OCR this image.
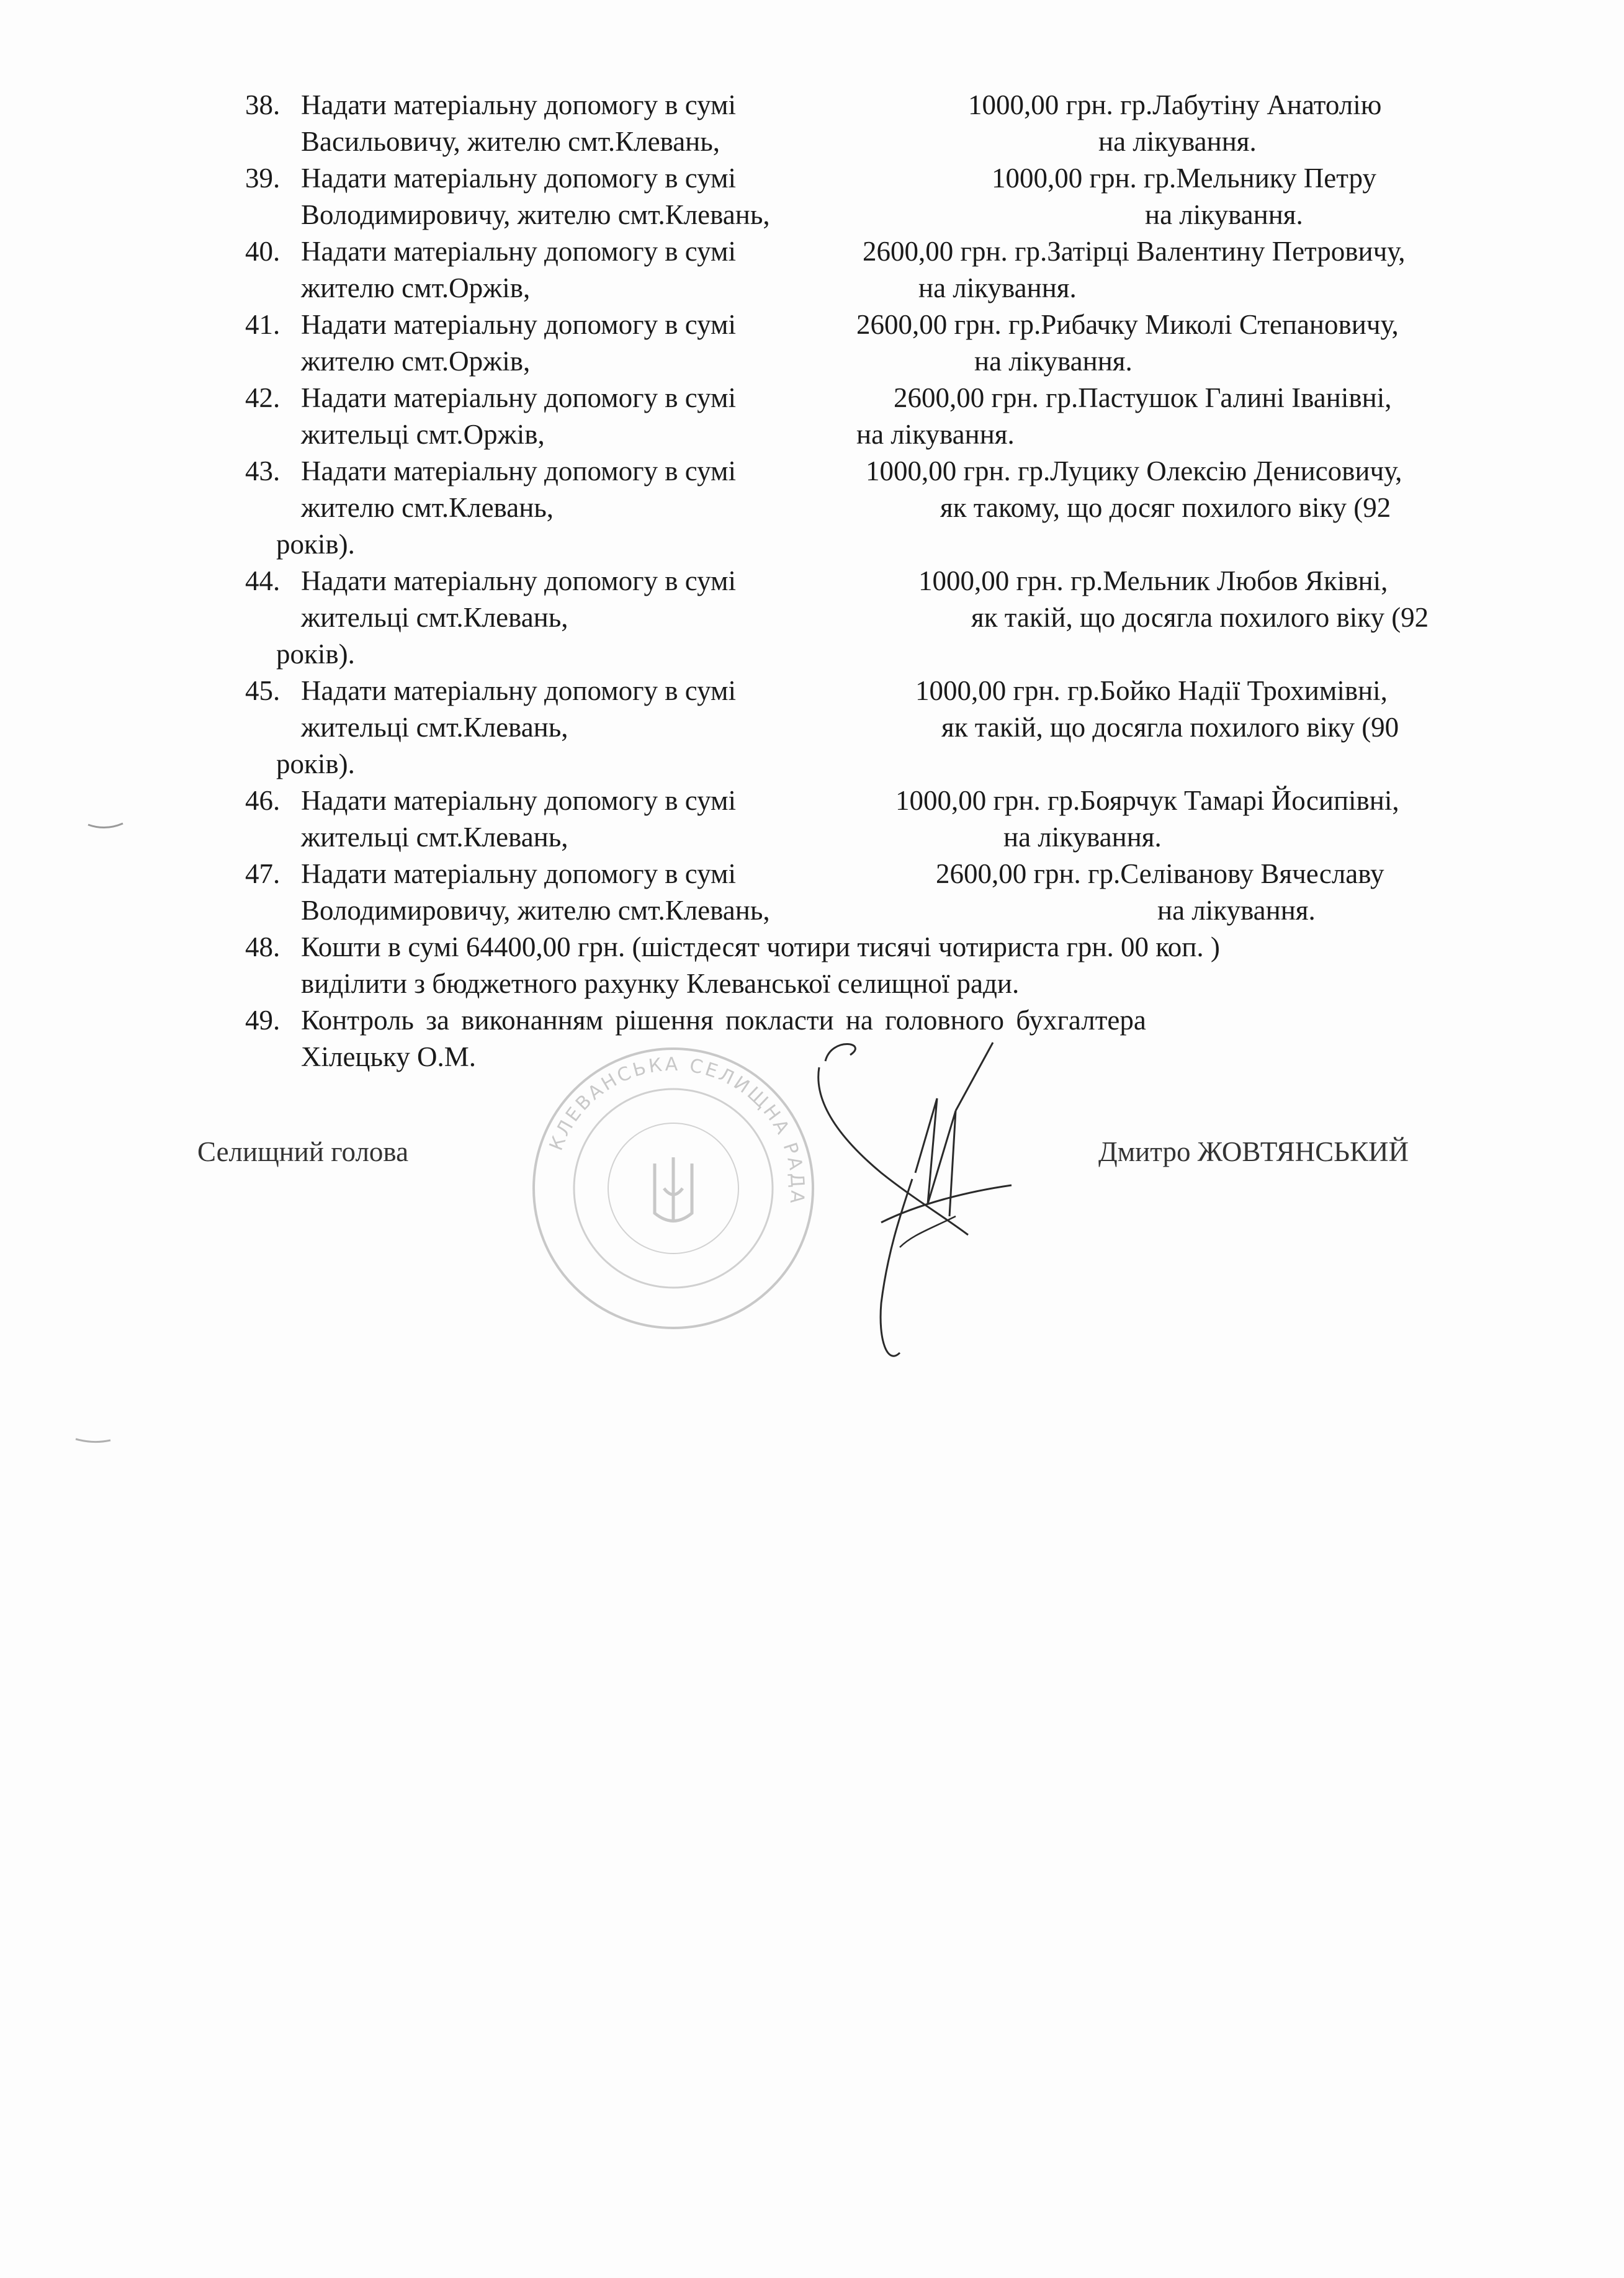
38. Надати матеріальну допомогу в сумі	1000,00 грн. гр.Лабутіну Анатолію
Васильовичу, жителю смт.Клевань,	на лікування.
39. Надати матеріальну допомогу в сумі	1000,00 грн. гр.Мельнику Петру
Володимировичу, жителю смт.Клевань,	на лікування.
40. Надати матеріальну допомогу в сумі	2600,00 грн. гр.Затірці Валентину Петровичу,
жителю смт.Оржів,	на лікування.
41. Надати матеріальну допомогу в сумі	2600,00 грн. гр.Рибачку Миколі Степановичу,
жителю смт.Оржів,	на лікування.
42. Надати матеріальну допомогу в сумі	2600,00 грн. гр.Пастушок Галині Іванівні,
жительці смт.Оржів,	на лікування.
43. Надати матеріальну допомогу в сумі	1000,00 грн. гр.Луцику Олексію Денисовичу,
жителю смт.Клевань,	як такому, що досяг похилого віку (92
років).
44. Надати матеріальну допомогу в сумі	1000,00 грн. гр.Мельник Любов Яківні,
жительці смт.Клевань,	як такій, що досягла похилого віку (92
років).
45. Надати матеріальну допомогу в сумі	1000,00 грн. гр.Бойко Надії Трохимівні,
жительці смт.Клевань,	як такій, що досягла похилого віку (90
років).
46. Надати матеріальну допомогу в сумі	1000,00 грн. гр.Боярчук Тамарі Йосипівні,
жительці смт.Клевань,	на лікування.
47. Надати матеріальну допомогу в сумі	2600,00 грн. гр.Селіванову Вячеславу
Володимировичу, жителю смт.Клевань,	на лікування.
48. Кошти в сумі 64400,00 грн. (шістдесят чотири тисячі чотириста грн. 00 коп. )
виділити з бюджетного рахунку Клеванської селищної ради.
49. Контроль за виконанням рішення покласти на головного бухгалтера
Хілецьку О.М.
КЛЕВАНСЬКА СЕЛИЩНА РАДА
Селищний голова	Дмитро ЖОВТЯНСЬКИЙ
